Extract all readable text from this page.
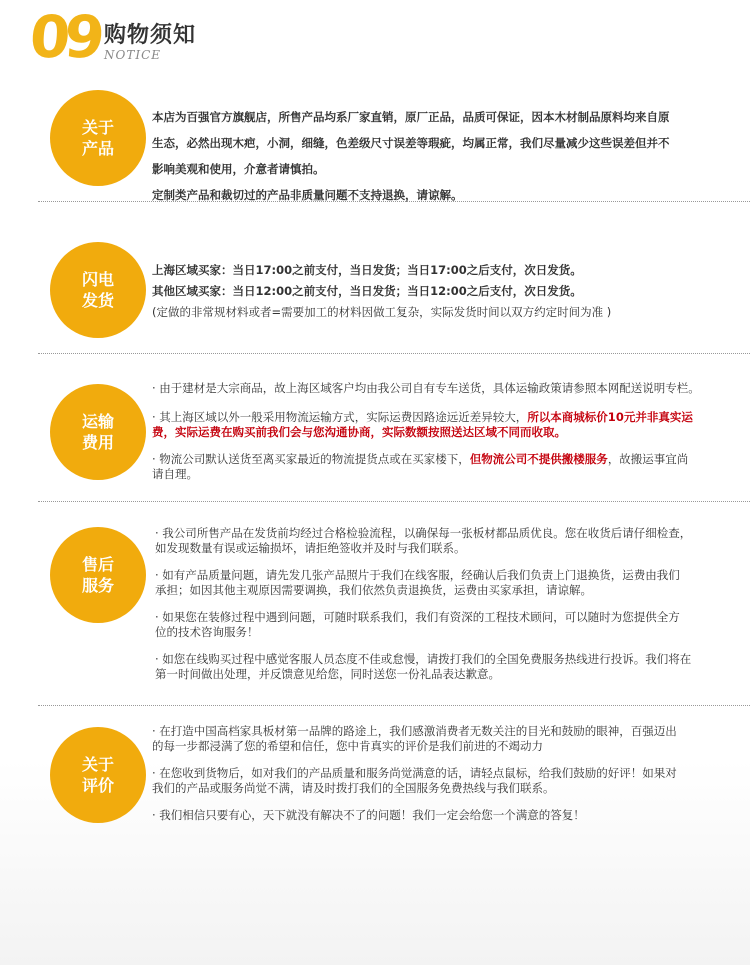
09 购物须知
NOTICE
关于
产品
本店为百强官方旗舰店，所售产品均系厂家直销，原厂正品，品质可保证，因本木材制品原料均来自原
生态，必然出现木疤，小洞，细缝，色差级尺寸误差等瑕疵，均属正常，我们尽量减少这些误差但并不
影响美观和使用，介意者请慎拍。
定制类产品和裁切过的产品非质量问题不支持退换，请谅解。
闪电
发货
上海区域买家：当日17:00之前支付，当日发货；当日17:00之后支付，次日发货。
其他区域买家：当日12:00之前支付，当日发货；当日12:00之后支付，次日发货。
(定做的非常规材料或者=需要加工的材料因做工复杂，实际发货时间以双方约定时间为准 )
运输
费用
· 由于建材是大宗商品，故上海区域客户均由我公司自有专车送货，具体运输政策请参照本网配送说明专栏。
· 其上海区域以外一般采用物流运输方式，实际运费因路途远近差异较大，所以本商城标价10元并非真实运
费，实际运费在购买前我们会与您沟通协商，实际数额按照送达区域不同而收取。
· 物流公司默认送货至离买家最近的物流提货点或在买家楼下，但物流公司不提供搬楼服务，故搬运事宜尚
请自理。
售后
服务
· 我公司所售产品在发货前均经过合格检验流程，以确保每一张板材都品质优良。您在收货后请仔细检查，
如发现数量有误或运输损坏，请拒绝签收并及时与我们联系。
· 如有产品质量问题，请先发几张产品照片于我们在线客服，经确认后我们负责上门退换货，运费由我们
承担；如因其他主观原因需要调换，我们依然负责退换货，运费由买家承担，请谅解。
· 如果您在装修过程中遇到问题，可随时联系我们，我们有资深的工程技术顾问，可以随时为您提供全方
位的技术咨询服务！
· 如您在线购买过程中感觉客服人员态度不佳或怠慢，请拨打我们的全国免费服务热线进行投诉。我们将在
第一时间做出处理，并反馈意见给您，同时送您一份礼品表达歉意。
关于
评价
· 在打造中国高档家具板材第一品牌的路途上，我们感激消费者无数关注的目光和鼓励的眼神，百强迈出
的每一步都浸满了您的希望和信任，您中肯真实的评价是我们前进的不竭动力
· 在您收到货物后，如对我们的产品质量和服务尚觉满意的话，请轻点鼠标，给我们鼓励的好评！如果对
我们的产品或服务尚觉不满，请及时拨打我们的全国服务免费热线与我们联系。
· 我们相信只要有心，天下就没有解决不了的问题！我们一定会给您一个满意的答复！
